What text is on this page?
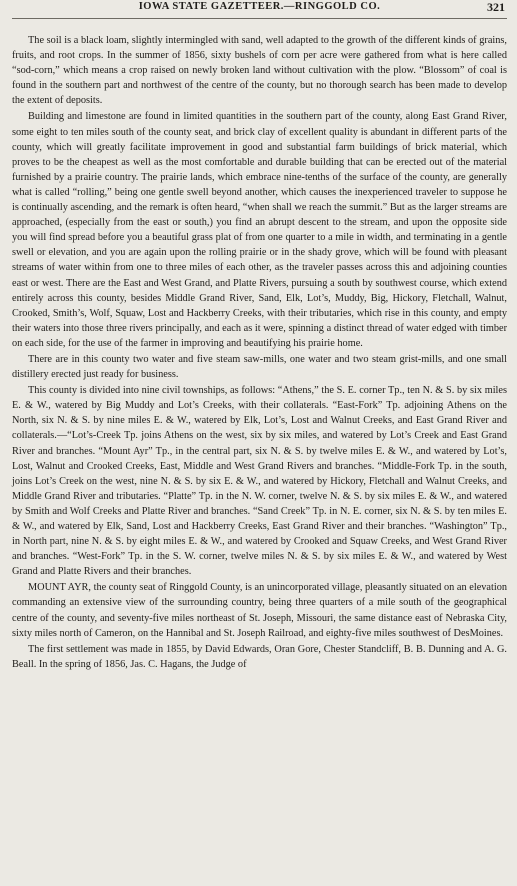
IOWA STATE GAZETTEER.—RINGGOLD CO.	321

The soil is a black loam, slightly intermingled with sand, well adapted to the growth of the different kinds of grains, fruits, and root crops. In the summer of 1856, sixty bushels of corn per acre were gathered from what is here called “sod-corn,” which means a crop raised on newly broken land without cultivation with the plow. “Blossom” of coal is found in the southern part and northwest of the centre of the county, but no thorough search has been made to develop the extent of deposits.

Building and limestone are found in limited quantities in the southern part of the county, along East Grand River, some eight to ten miles south of the county seat, and brick clay of excellent quality is abundant in different parts of the county, which will greatly facilitate improvement in good and substantial farm buildings of brick material, which proves to be the cheapest as well as the most comfortable and durable building that can be erected out of the material furnished by a prairie country. The prairie lands, which embrace nine-tenths of the surface of the county, are generally what is called “rolling,” being one gentle swell beyond another, which causes the inexperienced traveler to suppose he is continually ascending, and the remark is often heard, “when shall we reach the summit.” But as the larger streams are approached, (especially from the east or south,) you find an abrupt descent to the stream, and upon the opposite side you will find spread before you a beautiful grass plat of from one quarter to a mile in width, and terminating in a gentle swell or elevation, and you are again upon the rolling prairie or in the shady grove, which will be found with pleasant streams of water within from one to three miles of each other, as the traveler passes across this and adjoining counties east or west. There are the East and West Grand, and Platte Rivers, pursuing a south by southwest course, which extend entirely across this county, besides Middle Grand River, Sand, Elk, Lot’s, Muddy, Big, Hickory, Fletchall, Walnut, Crooked, Smith’s, Wolf, Squaw, Lost and Hackberry Creeks, with their tributaries, which rise in this county, and empty their waters into those three rivers principally, and each as it were, spinning a distinct thread of water edged with timber on each side, for the use of the farmer in improving and beautifying his prairie home.

There are in this county two water and five steam saw-mills, one water and two steam grist-mills, and one small distillery erected just ready for business.

This county is divided into nine civil townships, as follows: “Athens,” the S. E. corner Tp., ten N. & S. by six miles E. & W., watered by Big Muddy and Lot’s Creeks, with their collaterals. “East-Fork” Tp. adjoining Athens on the North, six N. & S. by nine miles E. & W., watered by Elk, Lot’s, Lost and Walnut Creeks, and East Grand River and collaterals.—“Lot’s-Creek Tp. joins Athens on the west, six by six miles, and watered by Lot’s Creek and East Grand River and branches. “Mount Ayr” Tp., in the central part, six N. & S. by twelve miles E. & W., and watered by Lot’s, Lost, Walnut and Crooked Creeks, East, Middle and West Grand Rivers and branches. “Middle-Fork Tp. in the south, joins Lot’s Creek on the west, nine N. & S. by six E. & W., and watered by Hickory, Fletchall and Walnut Creeks, and Middle Grand River and tributaries. “Platte” Tp. in the N. W. corner, twelve N. & S. by six miles E. & W., and watered by Smith and Wolf Creeks and Platte River and branches. “Sand Creek” Tp. in N. E. corner, six N. & S. by ten miles E. & W., and watered by Elk, Sand, Lost and Hackberry Creeks, East Grand River and their branches. “Washington” Tp., in North part, nine N. & S. by eight miles E. & W., and watered by Crooked and Squaw Creeks, and West Grand River and branches. “West-Fork” Tp. in the S. W. corner, twelve miles N. & S. by six miles E. & W., and watered by West Grand and Platte Rivers and their branches.

MOUNT AYR, the county seat of Ringgold County, is an unincorporated village, pleasantly situated on an elevation commanding an extensive view of the surrounding country, being three quarters of a mile south of the geographical centre of the county, and seventy-five miles northeast of St. Joseph, Missouri, the same distance east of Nebraska City, sixty miles north of Cameron, on the Hannibal and St. Joseph Railroad, and eighty-five miles southwest of DesMoines.

The first settlement was made in 1855, by David Edwards, Oran Gore, Chester Standcliff, B. B. Dunning and A. G. Beall. In the spring of 1856, Jas. C. Hagans, the Judge of
